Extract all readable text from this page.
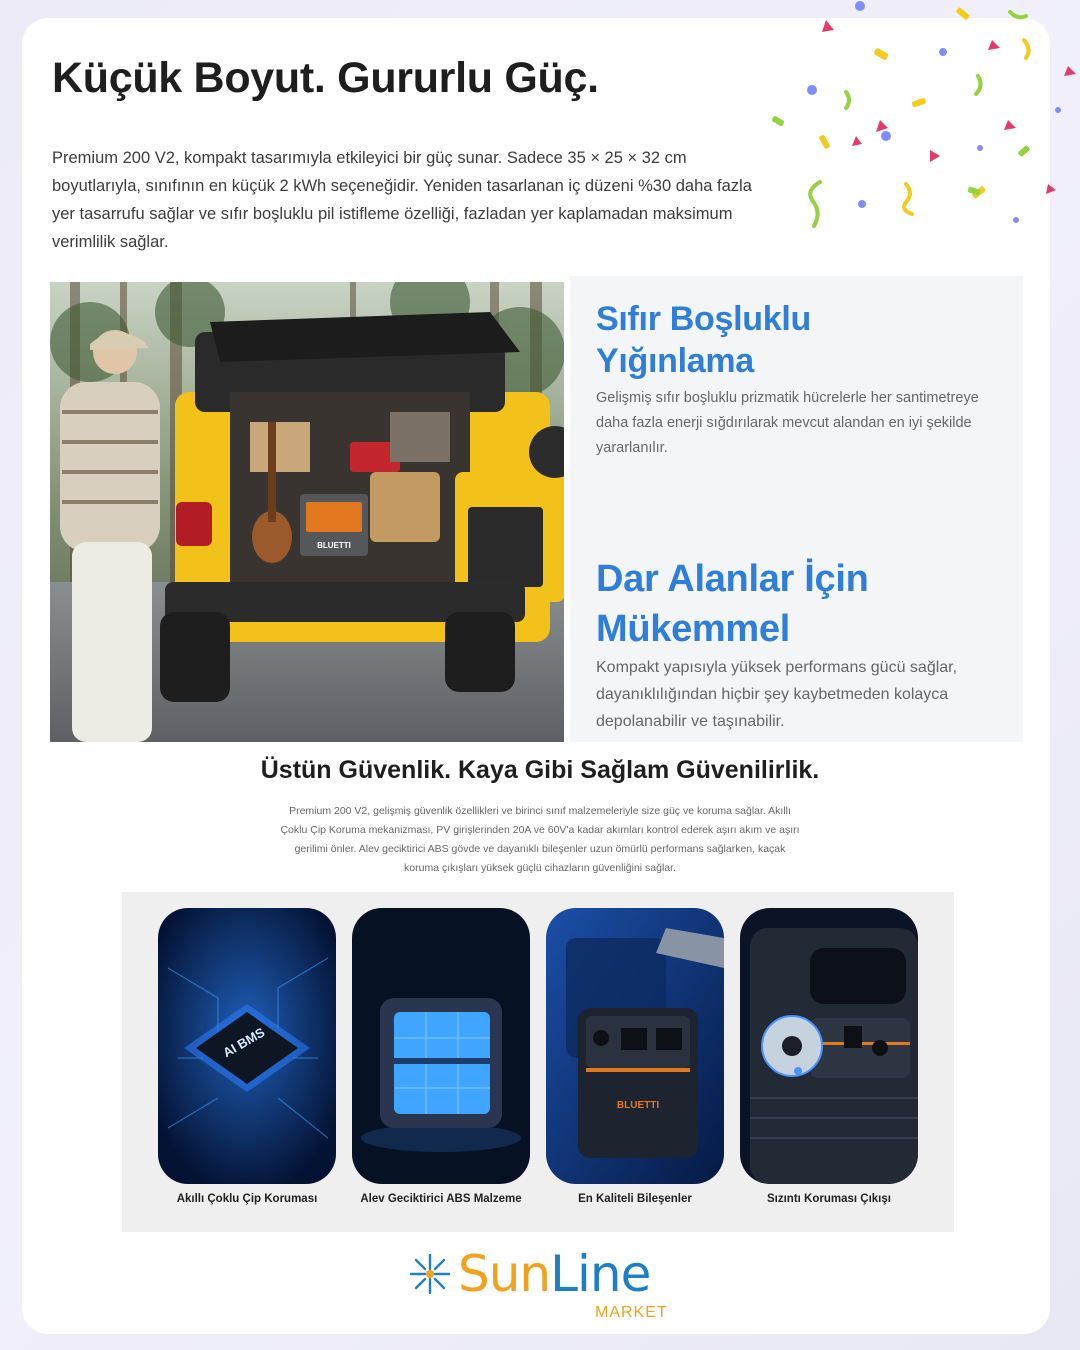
Küçük Boyut. Gururlu Güç.

Premium 200 V2, kompakt tasarımıyla etkileyici bir güç sunar. Sadece 35 × 25 × 32 cm boyutlarıyla, sınıfının en küçük 2 kWh seçeneğidir. Yeniden tasarlanan iç düzeni %30 daha fazla yer tasarrufu sağlar ve sıfır boşluklu pil istifleme özelliği, fazladan yer kaplamadan maksimum verimlilik sağlar.

BLUETTI
Sıfır Boşluklu
Yığınlama

Gelişmiş sıfır boşluklu prizmatik hücrelerle her santimetreye daha fazla enerji sığdırılarak mevcut alandan en iyi şekilde yararlanılır.

Dar Alanlar İçin
Mükemmel

Kompakt yapısıyla yüksek performans gücü sağlar, dayanıklılığından hiçbir şey kaybetmeden kolayca depolanabilir ve taşınabilir.

Üstün Güvenlik. Kaya Gibi Sağlam Güvenilirlik.

Premium 200 V2, gelişmiş güvenlik özellikleri ve birinci sınıf malzemeleriyle size güç ve koruma sağlar. Akıllı Çoklu Çip Koruma mekanizması, PV girişlerinden 20A ve 60V'a kadar akımları kontrol ederek aşırı akım ve aşırı gerilimi önler. Alev geciktirici ABS gövde ve dayanıklı bileşenler uzun ömürlü performans sağlarken, kaçak koruma çıkışları yüksek güçlü cihazların güvenliğini sağlar.

AI BMS

Akıllı Çoklu Çip Koruması	Alev Geciktirici ABS Malzeme

BLUETTI

En Kaliteli Bileşenler	Sızıntı Koruması Çıkışı

SunLine

MARKET
